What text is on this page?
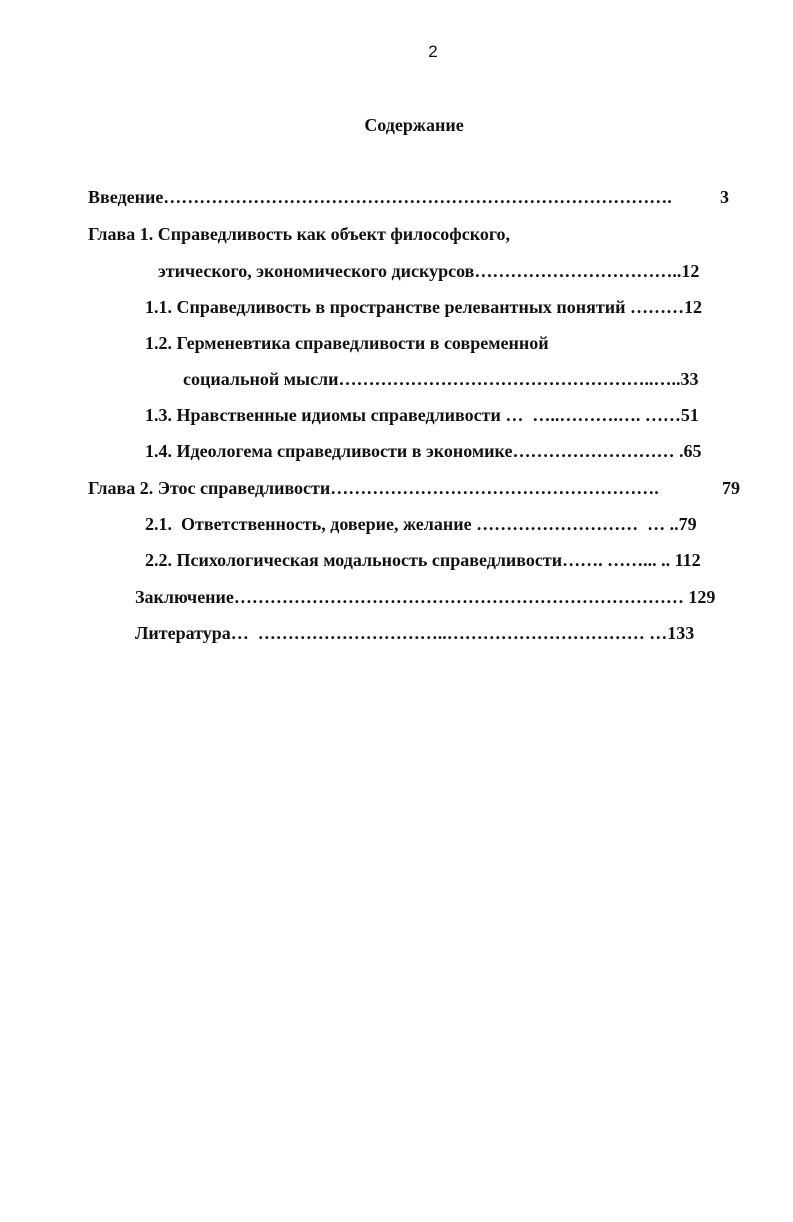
2
Содержание
Введение………………………………………………………………………….	3
Глава 1. Справедливость как объект философского,
этического, экономического дискурсов……………………………..12
1.1. Справедливость в пространстве релевантных понятий ………12
1.2. Герменевтика справедливости в современной
социальной мысли……………………………………………..…..33
1.3. Нравственные идиомы справедливости …  …..……….…. ……51
1.4. Идеологема справедливости в экономике……………………… .65
Глава 2. Этос справедливости……………………………………………….	79
2.1.  Ответственность, доверие, желание ………………………  … ..79
2.2. Психологическая модальность справедливости……. ……... .. 112
Заключение………………………………………………………………… 129
Литература…  …………………………..…………………………… …133
